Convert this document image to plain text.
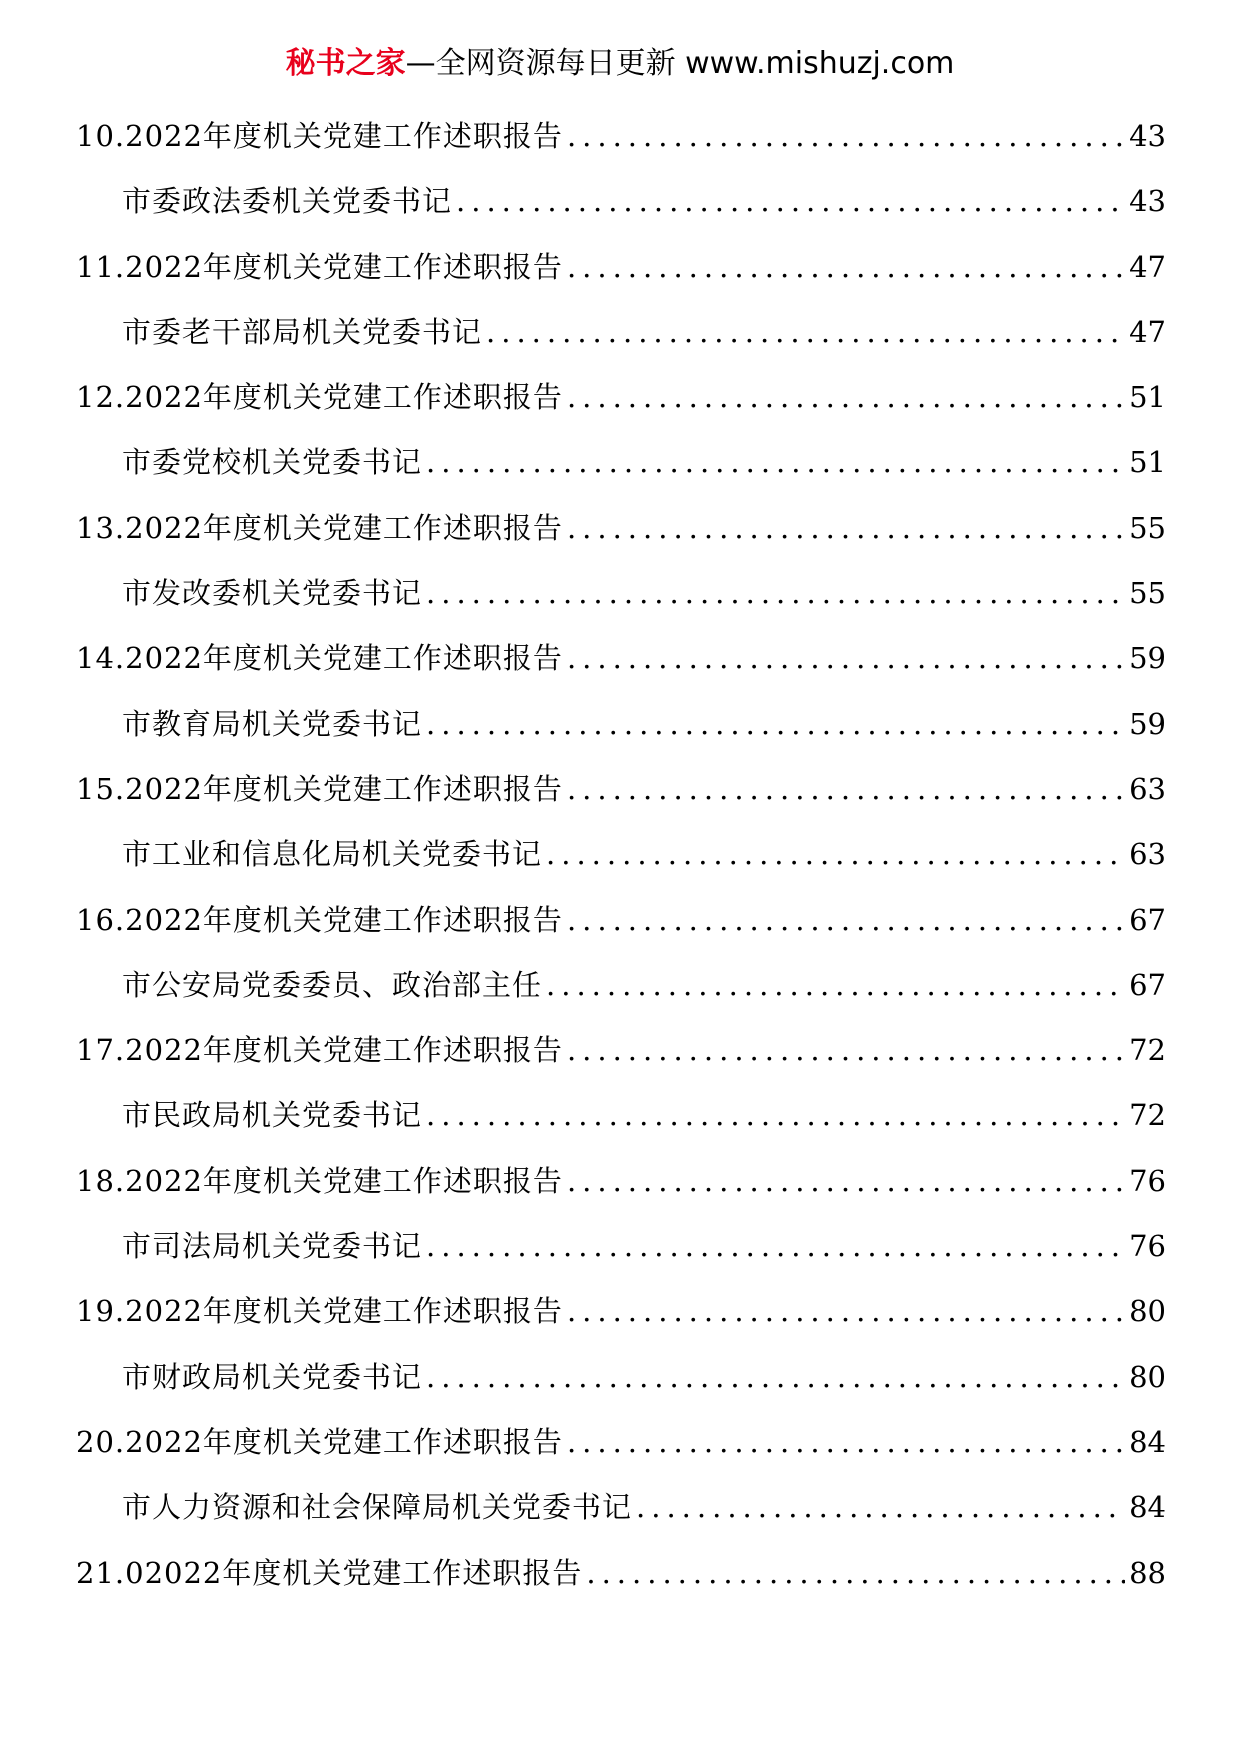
秘书之家—全网资源每日更新 www.mishuzj.com
10.2022年度机关党建工作述职报告 .....	43
市委政法委机关党委书记 .....	43
11.2022年度机关党建工作述职报告 .....	47
市委老干部局机关党委书记 .....	47
12.2022年度机关党建工作述职报告 .....	51
市委党校机关党委书记 .....	51
13.2022年度机关党建工作述职报告 .....	55
市发改委机关党委书记 .....	55
14.2022年度机关党建工作述职报告 .....	59
市教育局机关党委书记 .....	59
15.2022年度机关党建工作述职报告 .....	63
市工业和信息化局机关党委书记 .....	63
16.2022年度机关党建工作述职报告 .....	67
市公安局党委委员、政治部主任 .....	67
17.2022年度机关党建工作述职报告 .....	72
市民政局机关党委书记 .....	72
18.2022年度机关党建工作述职报告 .....	76
市司法局机关党委书记 .....	76
19.2022年度机关党建工作述职报告 .....	80
市财政局机关党委书记 .....	80
20.2022年度机关党建工作述职报告 .....	84
市人力资源和社会保障局机关党委书记 .....	84
21.02022年度机关党建工作述职报告 .....	88
